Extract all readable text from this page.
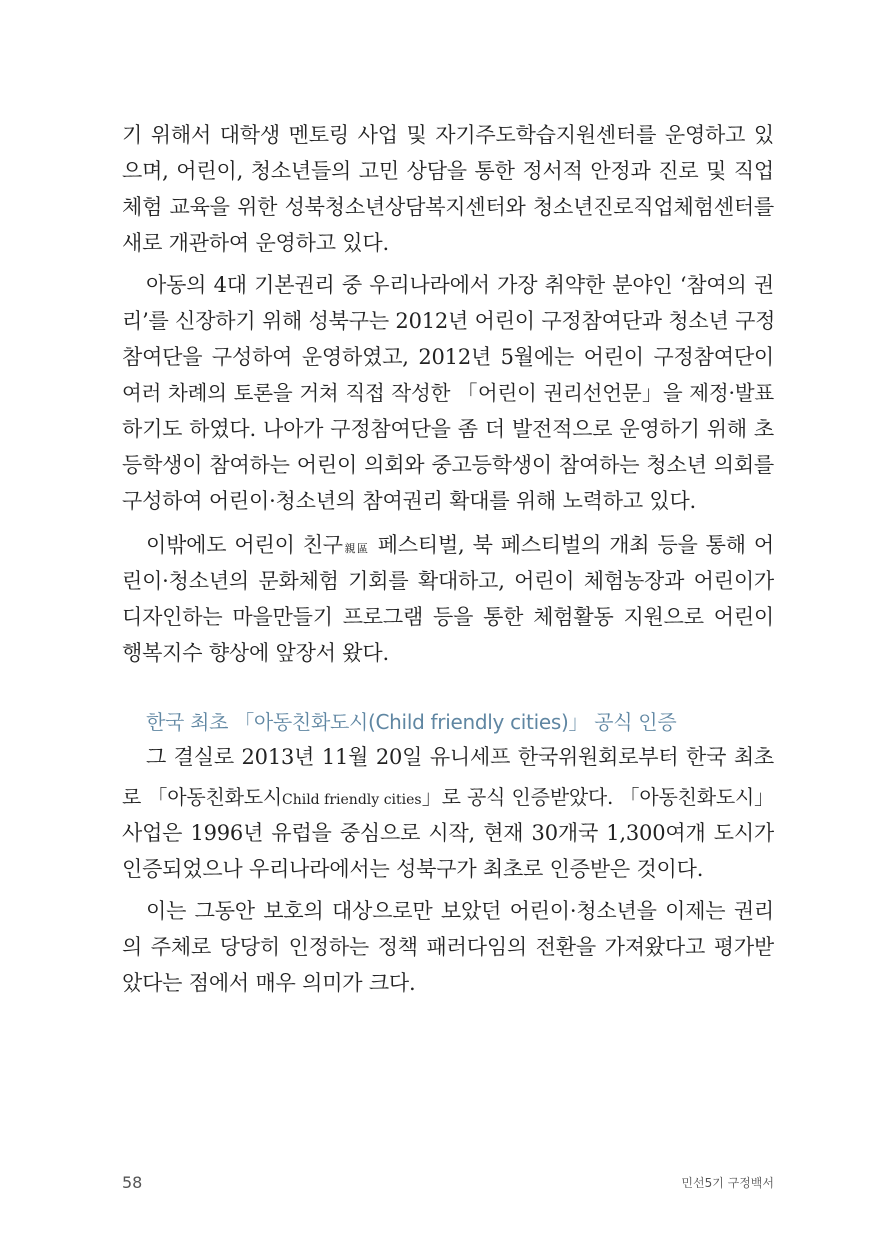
기 위해서 대학생 멘토링 사업 및 자기주도학습지원센터를 운영하고 있
으며, 어린이, 청소년들의 고민 상담을 통한 정서적 안정과 진로 및 직업
체험 교육을 위한 성북청소년상담복지센터와 청소년진로직업체험센터를
새로 개관하여 운영하고 있다.
아동의 4대 기본권리 중 우리나라에서 가장 취약한 분야인 ‘참여의 권
리’를 신장하기 위해 성북구는 2012년 어린이 구정참여단과 청소년 구정
참여단을 구성하여 운영하였고, 2012년 5월에는 어린이 구정참여단이
여러 차례의 토론을 거쳐 직접 작성한 「어린이 권리선언문」을 제정·발표
하기도 하였다. 나아가 구정참여단을 좀 더 발전적으로 운영하기 위해 초
등학생이 참여하는 어린이 의회와 중고등학생이 참여하는 청소년 의회를
구성하여 어린이·청소년의 참여권리 확대를 위해 노력하고 있다.
이밖에도 어린이 친구親區 페스티벌, 북 페스티벌의 개최 등을 통해 어
린이·청소년의 문화체험 기회를 확대하고, 어린이 체험농장과 어린이가
디자인하는 마을만들기 프로그램 등을 통한 체험활동 지원으로 어린이
행복지수 향상에 앞장서 왔다.
한국 최초 「아동친화도시(Child friendly cities)」 공식 인증
그 결실로 2013년 11월 20일 유니세프 한국위원회로부터 한국 최초
로 「아동친화도시Child friendly cities」로 공식 인증받았다. 「아동친화도시」
사업은 1996년 유럽을 중심으로 시작, 현재 30개국 1,300여개 도시가
인증되었으나 우리나라에서는 성북구가 최초로 인증받은 것이다.
이는 그동안 보호의 대상으로만 보았던 어린이·청소년을 이제는 권리
의 주체로 당당히 인정하는 정책 패러다임의 전환을 가져왔다고 평가받
았다는 점에서 매우 의미가 크다.
58	민선5기 구정백서
